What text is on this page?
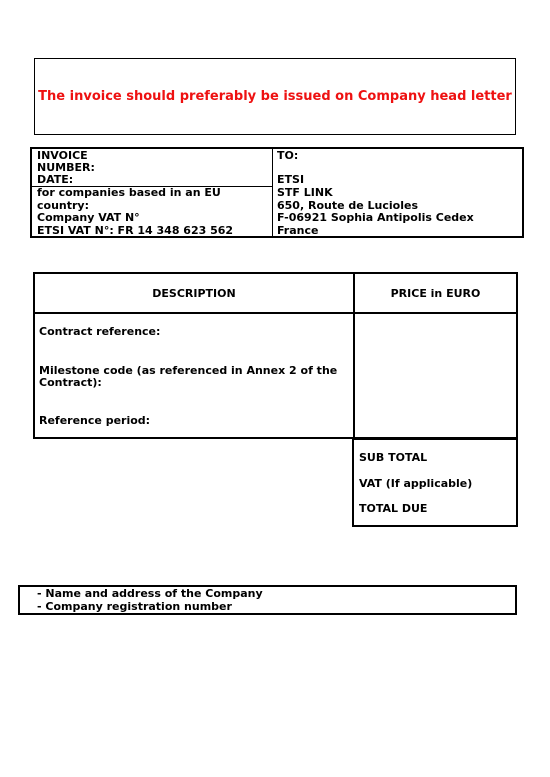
The invoice should preferably be issued on Company head letter
INVOICE
NUMBER:
DATE:
for companies based in an EU
country:
Company VAT N°
ETSI VAT N°: FR 14 348 623 562
TO:
ETSI
STF LINK
650, Route de Lucioles
F-06921 Sophia Antipolis Cedex
France
DESCRIPTION	PRICE in EURO
Contract reference:
Milestone code (as referenced in Annex 2 of the
Contract):
Reference period:
SUB TOTAL
VAT (If applicable)
TOTAL DUE
- Name and address of the Company
- Company registration number
